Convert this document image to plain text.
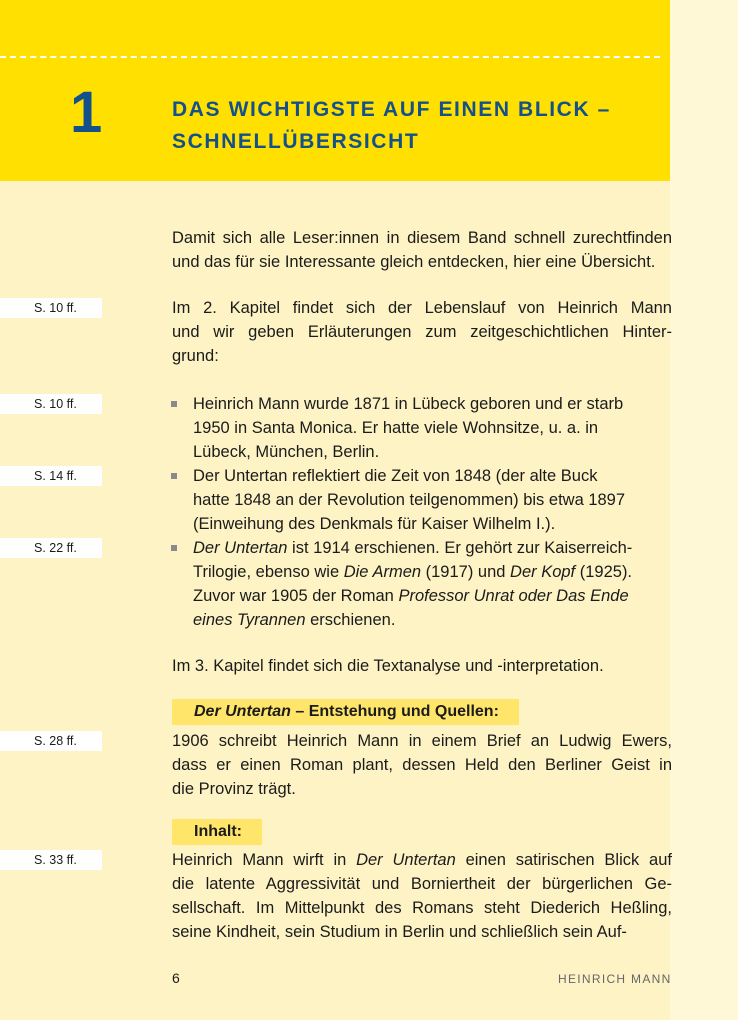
1	DAS WICHTIGSTE AUF EINEN BLICK –
SCHNELLÜBERSICHT
Damit sich alle Leser:innen in diesem Band schnell zurechtfinden
und das für sie Interessante gleich entdecken, hier eine Übersicht.
S. 10 ff.	Im 2. Kapitel findet sich der Lebenslauf von Heinrich Mann
und wir geben Erläuterungen zum zeitgeschichtlichen Hinter-
grund:
S. 10 ff.	Heinrich Mann wurde 1871 in Lübeck geboren und er starb
1950 in Santa Monica. Er hatte viele Wohnsitze, u. a. in
Lübeck, München, Berlin.
S. 14 ff.	Der Untertan reflektiert die Zeit von 1848 (der alte Buck
hatte 1848 an der Revolution teilgenommen) bis etwa 1897
(Einweihung des Denkmals für Kaiser Wilhelm I.).
S. 22 ff.	Der Untertan ist 1914 erschienen. Er gehört zur Kaiserreich-
Trilogie, ebenso wie Die Armen (1917) und Der Kopf (1925).
Zuvor war 1905 der Roman Professor Unrat oder Das Ende
eines Tyrannen erschienen.
Im 3. Kapitel findet sich die Textanalyse und -interpretation.
Der Untertan – Entstehung und Quellen:
S. 28 ff.	1906 schreibt Heinrich Mann in einem Brief an Ludwig Ewers,
dass er einen Roman plant, dessen Held den Berliner Geist in
die Provinz trägt.
Inhalt:
S. 33 ff.	Heinrich Mann wirft in Der Untertan einen satirischen Blick auf
die latente Aggressivität und Borniertheit der bürgerlichen Ge-
sellschaft. Im Mittelpunkt des Romans steht Diederich Heßling,
seine Kindheit, sein Studium in Berlin und schließlich sein Auf-
6	HEINRICH MANN
